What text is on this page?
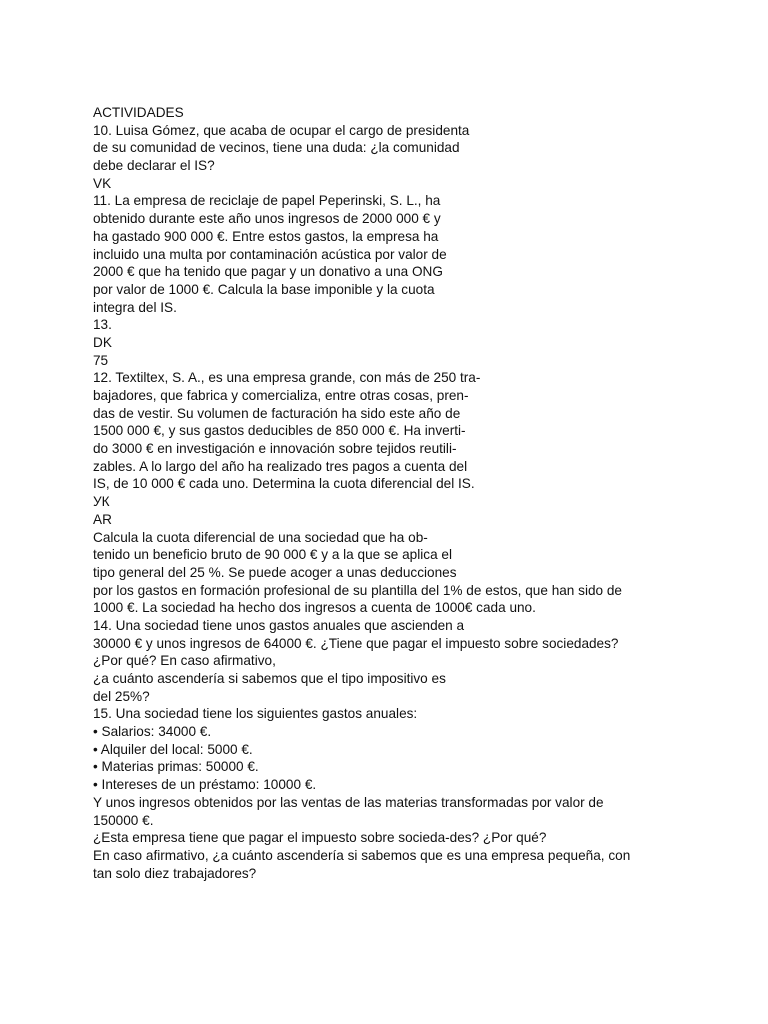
ACTIVIDADES
10. Luisa Gómez, que acaba de ocupar el cargo de presidenta
de su comunidad de vecinos, tiene una duda: ¿la comunidad
debe declarar el IS?
VK
11. La empresa de reciclaje de papel Peperinski, S. L., ha
obtenido durante este año unos ingresos de 2000 000 € y
ha gastado 900 000 €. Entre estos gastos, la empresa ha
incluido una multa por contaminación acústica por valor de
2000 € que ha tenido que pagar y un donativo a una ONG
por valor de 1000 €. Calcula la base imponible y la cuota
integra del IS.
13.
DK
75
12. Textiltex, S. A., es una empresa grande, con más de 250 tra-
bajadores, que fabrica y comercializa, entre otras cosas, pren-
das de vestir. Su volumen de facturación ha sido este año de
1500 000 €, y sus gastos deducibles de 850 000 €. Ha inverti-
do 3000 € en investigación e innovación sobre tejidos reutili-
zables. A lo largo del año ha realizado tres pagos a cuenta del
IS, de 10 000 € cada uno. Determina la cuota diferencial del IS.
УК
AR
Calcula la cuota diferencial de una sociedad que ha ob-
tenido un beneficio bruto de 90 000 € y a la que se aplica el
tipo general del 25 %. Se puede acoger a unas deducciones
por los gastos en formación profesional de su plantilla del 1% de estos, que han sido de
1000 €. La sociedad ha hecho dos ingresos a cuenta de 1000€ cada uno.
14. Una sociedad tiene unos gastos anuales que ascienden a
30000 € y unos ingresos de 64000 €. ¿Tiene que pagar el impuesto sobre sociedades?
¿Por qué? En caso afirmativo,
¿a cuánto ascendería si sabemos que el tipo impositivo es
del 25%?
15. Una sociedad tiene los siguientes gastos anuales:
• Salarios: 34000 €.
• Alquiler del local: 5000 €.
• Materias primas: 50000 €.
• Intereses de un préstamo: 10000 €.
Y unos ingresos obtenidos por las ventas de las materias transformadas por valor de
150000 €.
¿Esta empresa tiene que pagar el impuesto sobre socieda-des? ¿Por qué?
En caso afirmativo, ¿a cuánto ascendería si sabemos que es una empresa pequeña, con
tan solo diez trabajadores?
